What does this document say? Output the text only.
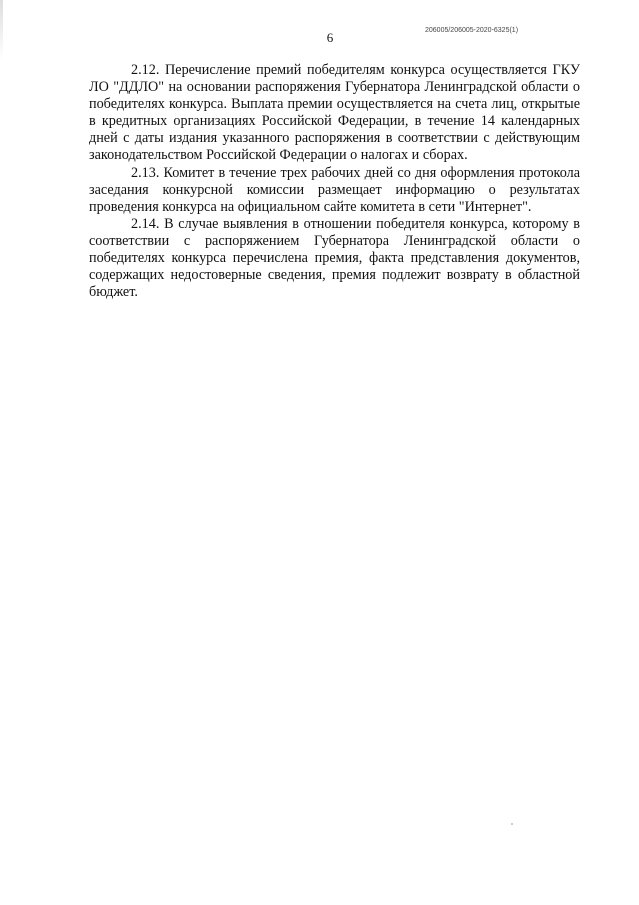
206005/206005-2020-6325(1)
6

2.12. Перечисление премий победителям конкурса осуществляется ГКУ ЛО "ДДЛО" на основании распоряжения Губернатора Ленинградской области о победителях конкурса. Выплата премии осуществляется на счета лиц, открытые в кредитных организациях Российской Федерации, в течение 14 календарных дней с даты издания указанного распоряжения в соответствии с действующим законодательством Российской Федерации о налогах и сборах.

2.13. Комитет в течение трех рабочих дней со дня оформления протокола заседания конкурсной комиссии размещает информацию о результатах проведения конкурса на официальном сайте комитета в сети "Интернет".

2.14. В случае выявления в отношении победителя конкурса, которому в соответствии с распоряжением Губернатора Ленинградской области о победителях конкурса перечислена премия, факта представления документов, содержащих недостоверные сведения, премия подлежит возврату в областной бюджет.
